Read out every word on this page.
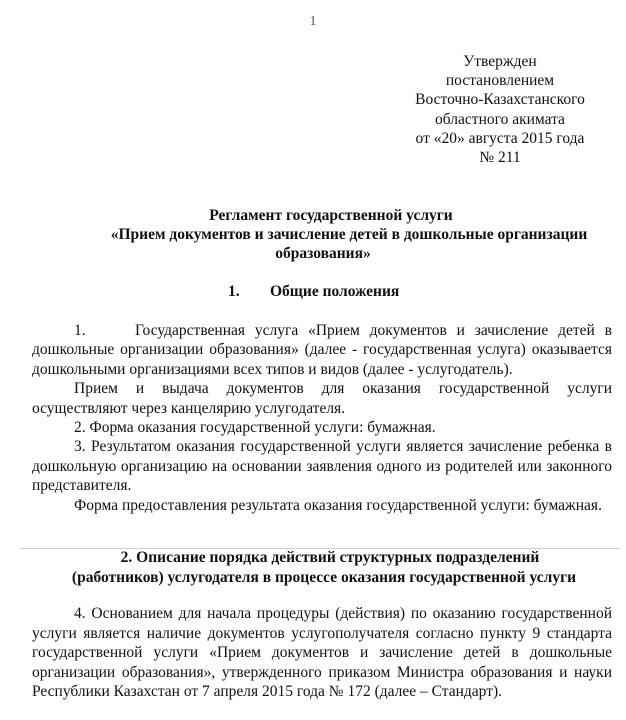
1
Утвержден
постановлением
Восточно-Казахстанского
областного акимата
от «20» августа 2015 года
№ 211
Регламент государственной услуги
«Прием документов и зачисление детей в дошкольные организации
образования»
1. Общие положения

1.     Государственная услуга «Прием документов и зачисление детей в дошкольные организации образования» (далее - государственная услуга) оказывается дошкольными организациями всех типов и видов (далее - услугодатель).

Прием и выдача документов для оказания государственной услуги осуществляют через канцелярию услугодателя.

2. Форма оказания государственной услуги: бумажная.

3. Результатом оказания государственной услуги является зачисление ребенка в дошкольную организацию на основании заявления одного из родителей или законного представителя.

Форма предоставления результата оказания государственной услуги: бумажная.

2. Описание порядка действий структурных подразделений
(работников) услугодателя в процессе оказания государственной услуги

4. Основанием для начала процедуры (действия) по оказанию государственной услуги является наличие документов услугополучателя согласно пункту 9 стандарта государственной услуги «Прием документов и зачисление детей в дошкольные организации образования», утвержденного приказом Министра образования и науки Республики Казахстан от 7 апреля 2015 года № 172 (далее – Стандарт).
